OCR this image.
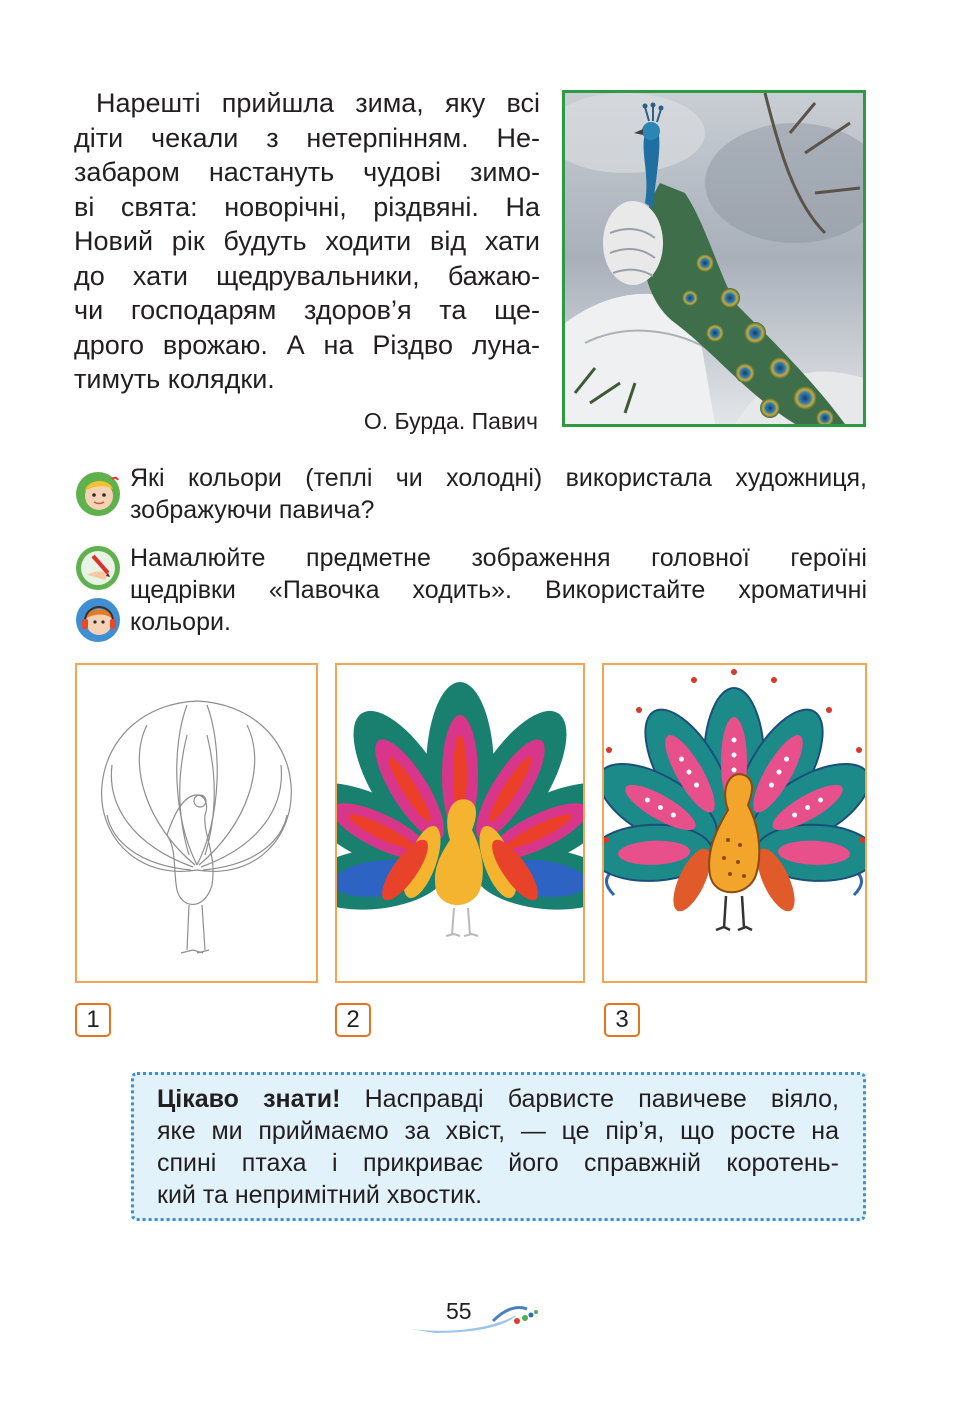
Нарешті прийшла зима, яку всі
діти чекали з нетерпінням. Не-
забаром настануть чудові зимо-
ві свята: новорічні, різдвяні. На
Новий рік будуть ходити від хати
до хати щедрувальники, бажаю-
чи господарям здоров’я та ще-
дрого врожаю. А на Різдво луна-
тимуть колядки.
О. Бурда. Павич
Які кольори (теплі чи холодні) використала художниця,
зображуючи павича?
Намалюйте предметне зображення головної героїні
щедрівки «Павочка ходить». Використайте хроматичні
кольори.
1	2	3
Цікаво знати! Насправді барвисте павичеве віяло,
яке ми приймаємо за хвіст, — це пір’я, що росте на
спині птаха і прикриває його справжній коротень-
кий та непримітний хвостик.
55
